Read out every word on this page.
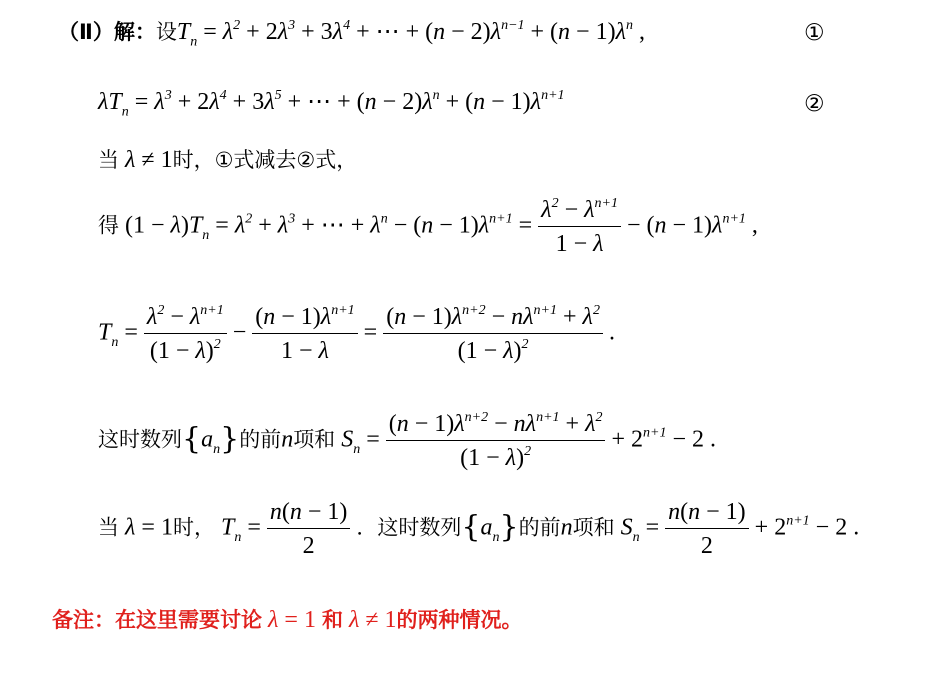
（Ⅱ）解：设$T_n = \lambda^2 + 2\lambda^3 + 3\lambda^4$ + ⋯ + $(n - 2)\lambda^{n-1} + (n - 1)\lambda^n$ ,	①
$\lambda T_n = \lambda^3 + 2\lambda^4 + 3\lambda^5$ + ⋯ + $(n - 2)\lambda^n + (n - 1)\lambda^{n+1}$	②
当 λ ≠ 1时，①式减去②式，
得 $(1 - \lambda)T_n = \lambda^2 + \lambda^3$ + ⋯ + $\lambda^n - (n - 1)\lambda^{n+1} = \frac{\lambda^2 - \lambda^{n+1}}{1 - \lambda} - (n - 1)\lambda^{n+1}$ ,
$T_n = \frac{\lambda^2 - \lambda^{n+1}}{(1 - \lambda)^2} - \frac{(n - 1)\lambda^{n+1}}{1 - \lambda} = \frac{(n - 1)\lambda^{n+2} - n\lambda^{n+1} + \lambda^2}{(1 - \lambda)^2}$ .
这时数列$\{a_n\}$的前n项和 $S_n = \frac{(n - 1)\lambda^{n+2} - n\lambda^{n+1} + \lambda^2}{(1 - \lambda)^2} + 2^{n+1} - 2$ .
当 λ = 1时， $T_n = \frac{n(n - 1)}{2}$ ．这时数列$\{a_n\}$的前n项和 $S_n = \frac{n(n - 1)}{2} + 2^{n+1} - 2$ .
备注：在这里需要讨论 λ = 1 和 λ ≠ 1的两种情况。
